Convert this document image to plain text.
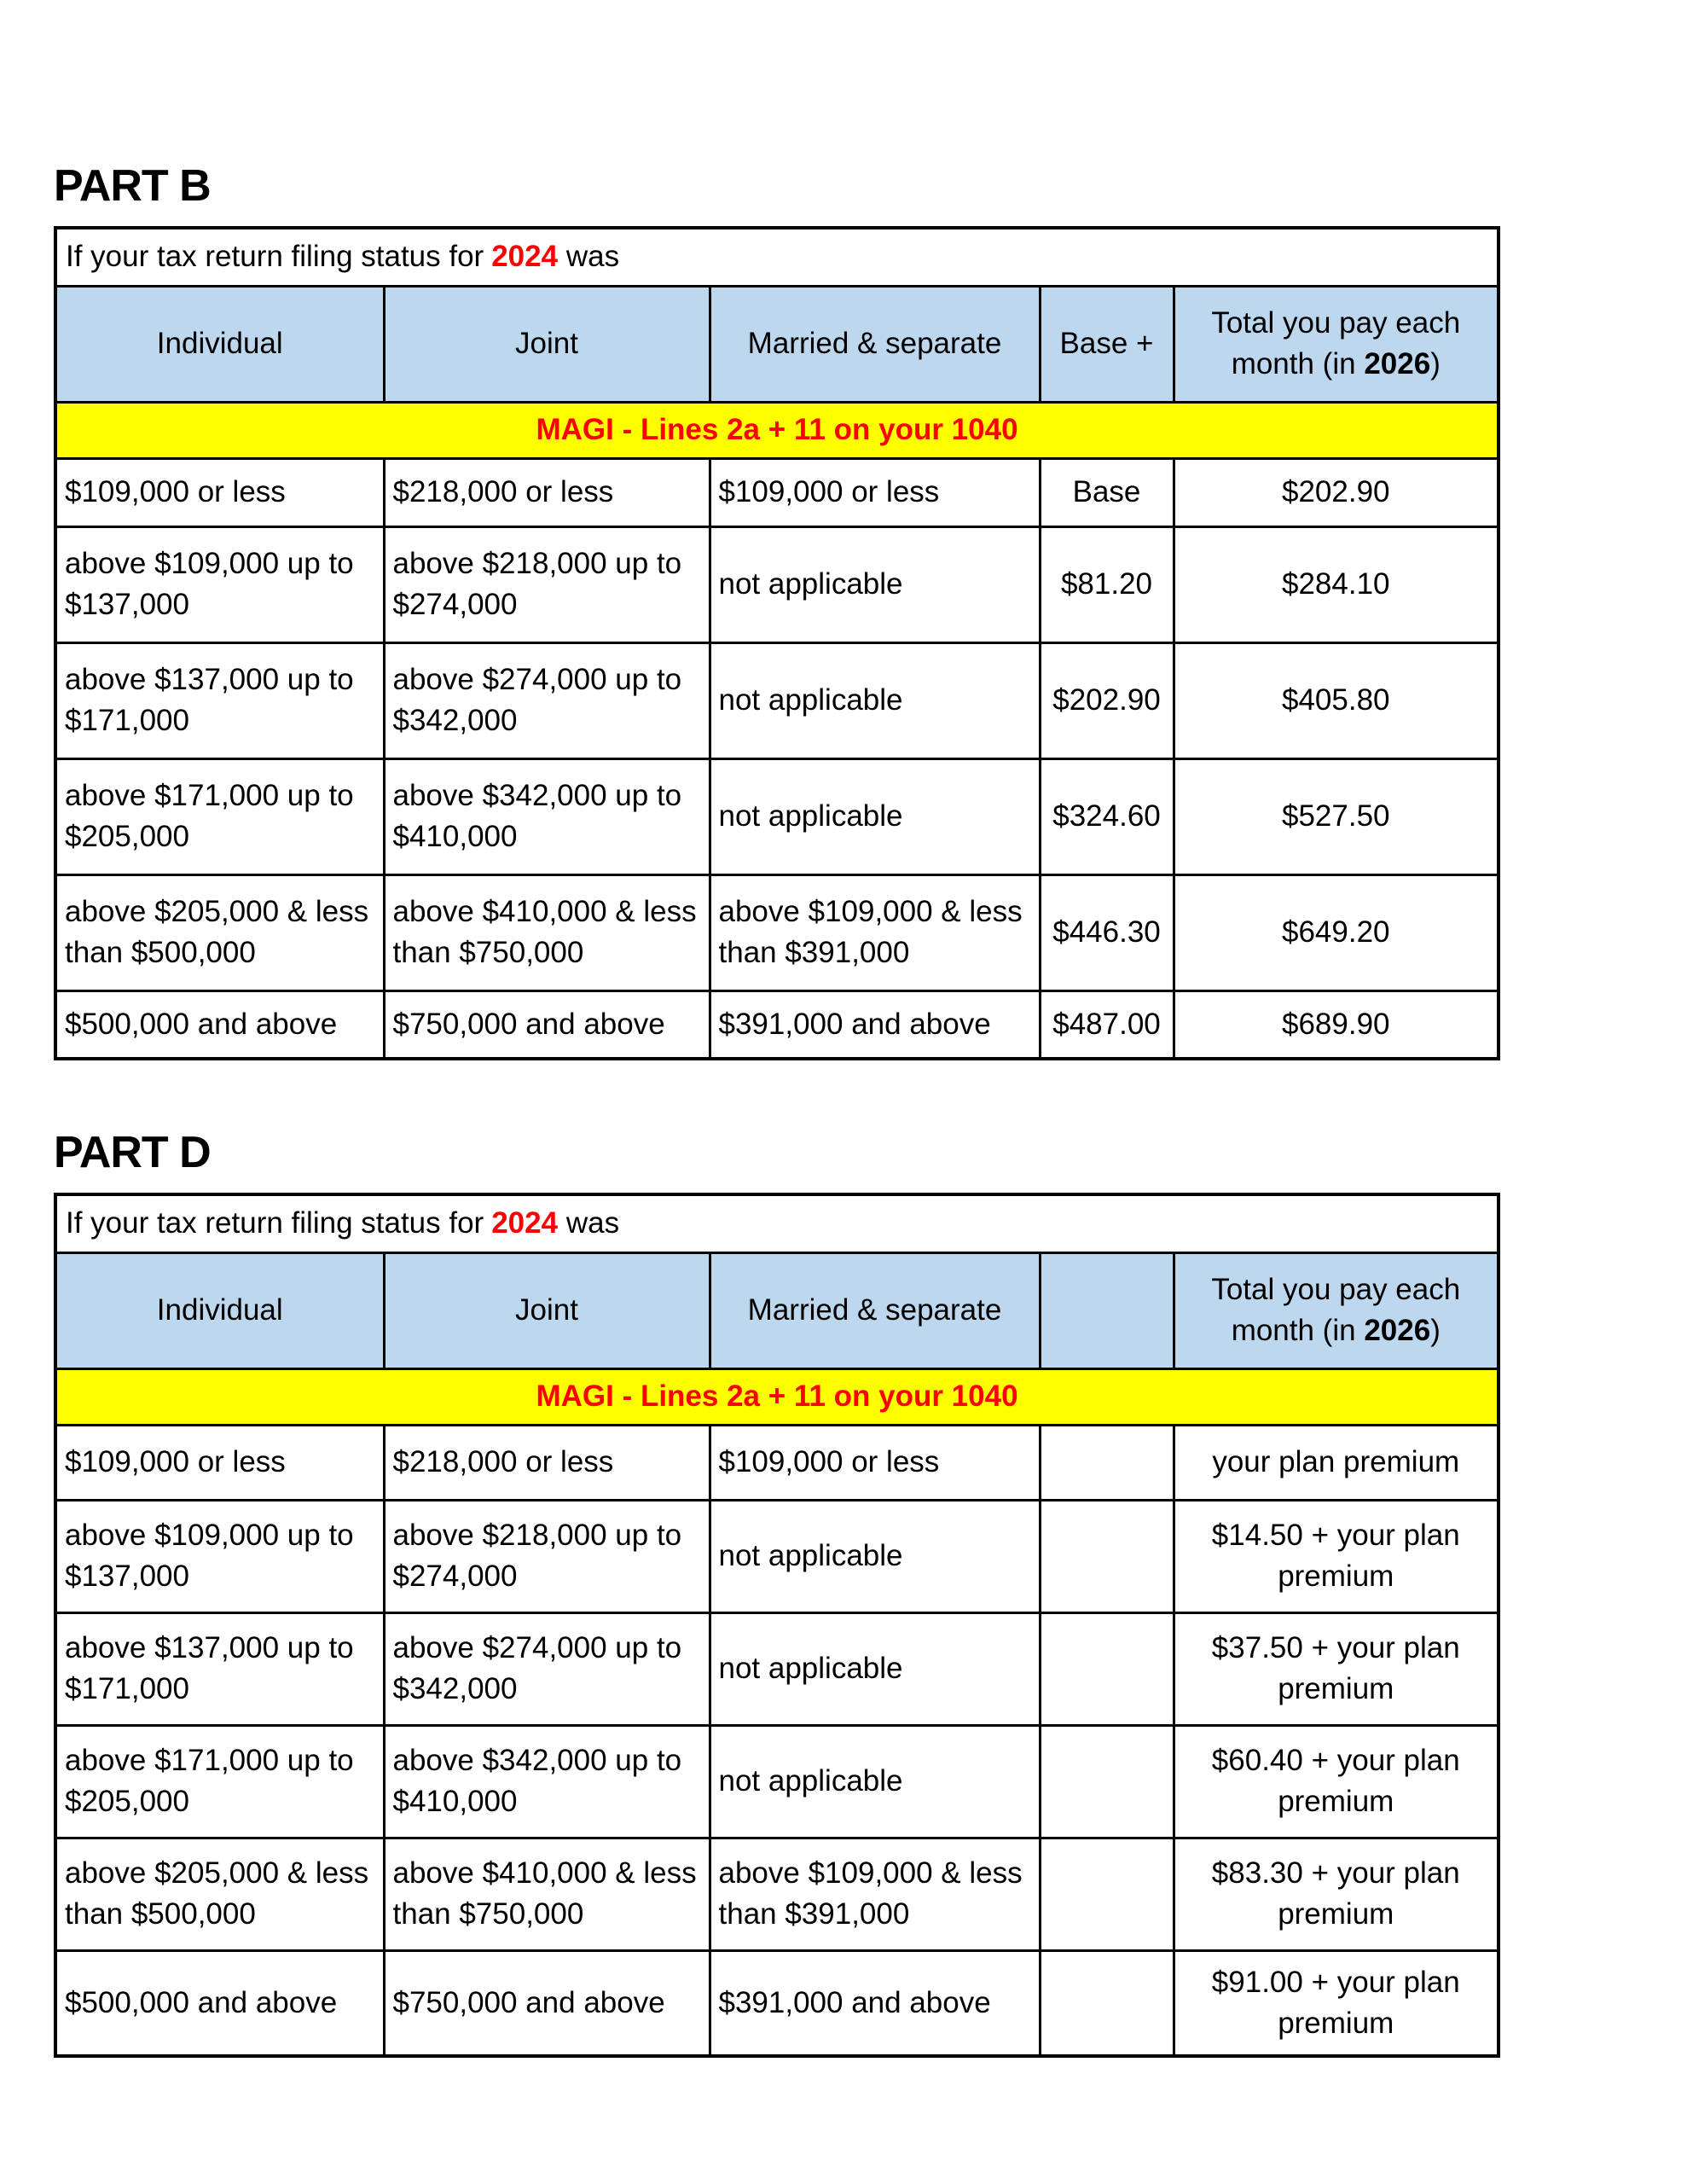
PART B
If your tax return filing status for 2024 was				
Individual	Joint	Married & separate	Base +	Total you pay each month (in 2026)
MAGI - Lines 2a + 11 on your 1040				
$109,000 or less	$218,000 or less	$109,000 or less	Base	$202.90
above $109,000 up to $137,000	above $218,000 up to $274,000	not applicable	$81.20	$284.10
above $137,000 up to $171,000	above $274,000 up to $342,000	not applicable	$202.90	$405.80
above $171,000 up to $205,000	above $342,000 up to $410,000	not applicable	$324.60	$527.50
above $205,000 & less than $500,000	above $410,000 & less than $750,000	above $109,000 & less than $391,000	$446.30	$649.20
$500,000 and above	$750,000 and above	$391,000 and above	$487.00	$689.90
PART D
If your tax return filing status for 2024 was				
Individual	Joint	Married & separate		Total you pay each month (in 2026)
MAGI - Lines 2a + 11 on your 1040				
$109,000 or less	$218,000 or less	$109,000 or less		your plan premium
above $109,000 up to $137,000	above $218,000 up to $274,000	not applicable		$14.50 + your plan premium
above $137,000 up to $171,000	above $274,000 up to $342,000	not applicable		$37.50 + your plan premium
above $171,000 up to $205,000	above $342,000 up to $410,000	not applicable		$60.40 + your plan premium
above $205,000 & less than $500,000	above $410,000 & less than $750,000	above $109,000 & less than $391,000		$83.30 + your plan premium
$500,000 and above	$750,000 and above	$391,000 and above		$91.00 + your plan premium
